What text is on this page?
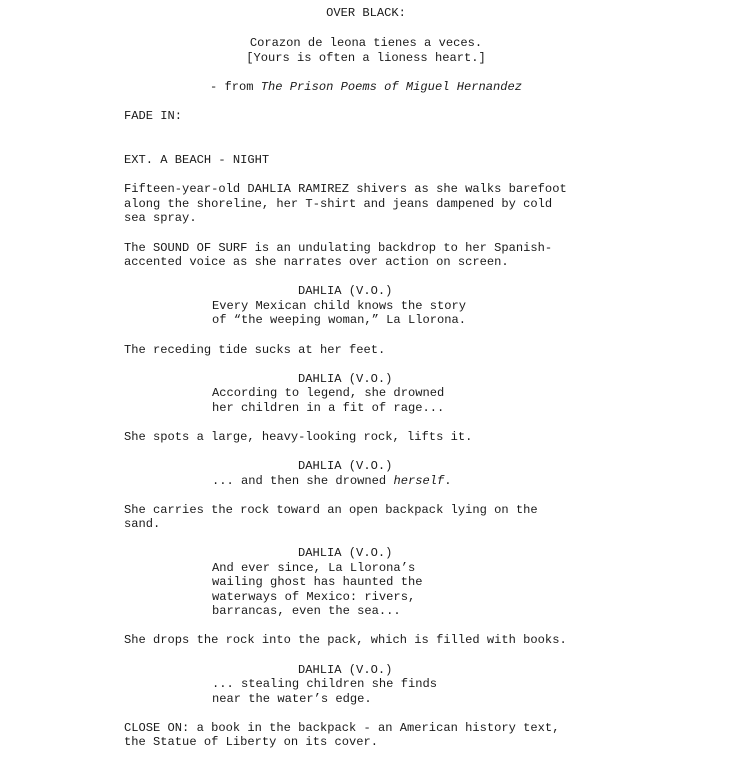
OVER BLACK:
Corazon de leona tienes a veces.
[Yours is often a lioness heart.]
- from The Prison Poems of Miguel Hernandez
FADE IN:
EXT. A BEACH - NIGHT
Fifteen-year-old DAHLIA RAMIREZ shivers as she walks barefoot
along the shoreline, her T-shirt and jeans dampened by cold
sea spray.
The SOUND OF SURF is an undulating backdrop to her Spanish-
accented voice as she narrates over action on screen.
DAHLIA (V.O.)
Every Mexican child knows the story
of “the weeping woman,” La Llorona.
The receding tide sucks at her feet.
DAHLIA (V.O.)
According to legend, she drowned
her children in a fit of rage...
She spots a large, heavy-looking rock, lifts it.
DAHLIA (V.O.)
... and then she drowned herself.
She carries the rock toward an open backpack lying on the
sand.
DAHLIA (V.O.)
And ever since, La Llorona’s
wailing ghost has haunted the
waterways of Mexico: rivers,
barrancas, even the sea...
She drops the rock into the pack, which is filled with books.
DAHLIA (V.O.)
... stealing children she finds
near the water’s edge.
CLOSE ON: a book in the backpack - an American history text,
the Statue of Liberty on its cover.
